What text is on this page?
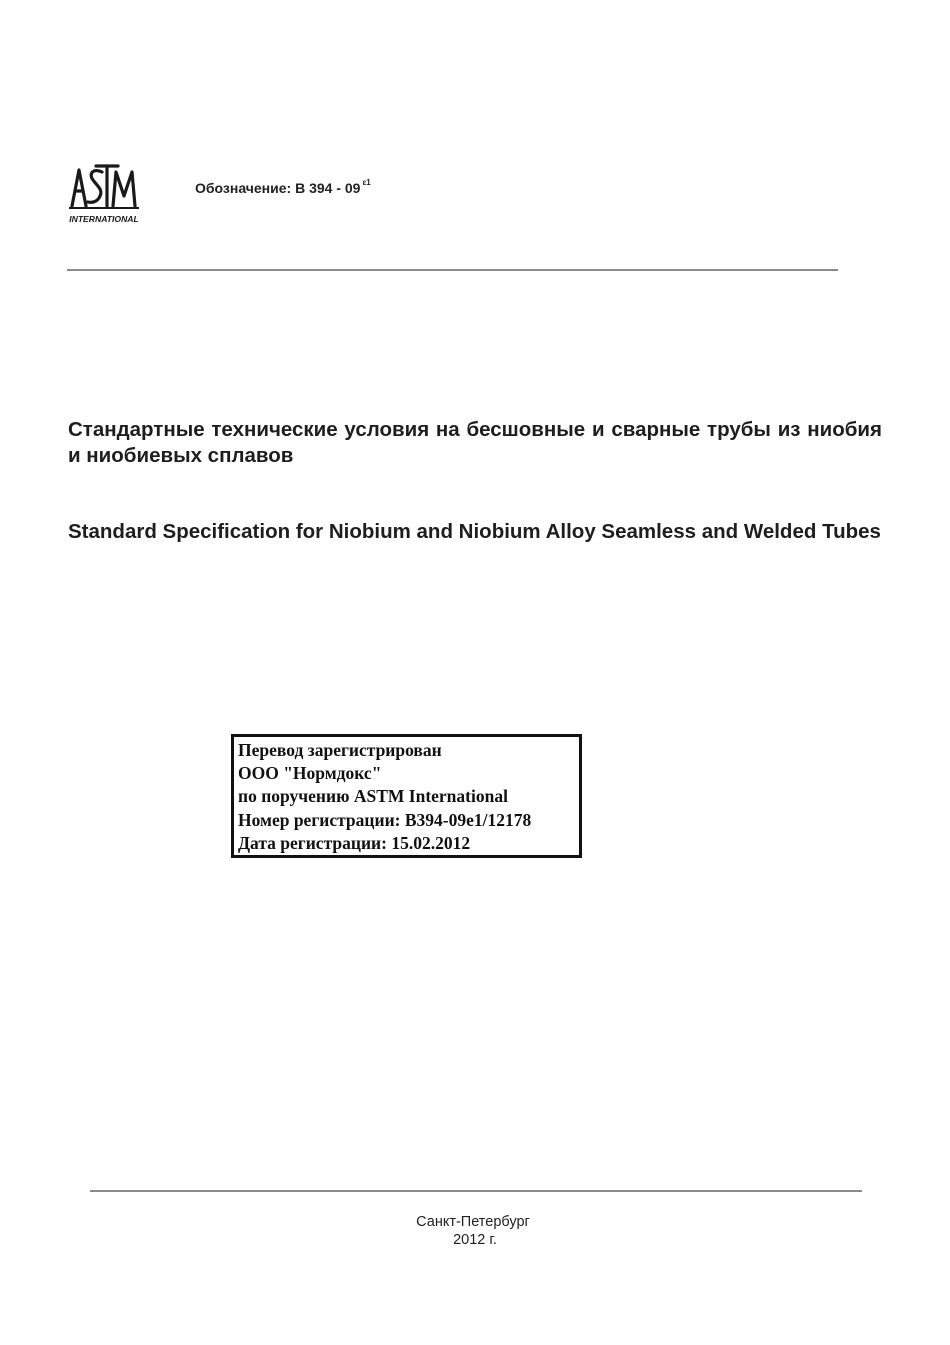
INTERNATIONAL
Обозначение: B 394 - 09 $^{\varepsilon 1}$
Стандартные технические условия на бесшовные и сварные трубы из ниобия и ниобиевых сплавов
Standard Specification for Niobium and Niobium Alloy Seamless and Welded Tubes
Перевод зарегистрирован
ООО "Нормдокс"
по поручению ASTM International
Номер регистрации: B394-09e1/12178
Дата регистрации: 15.02.2012
Санкт-Петербург
2012 г.
